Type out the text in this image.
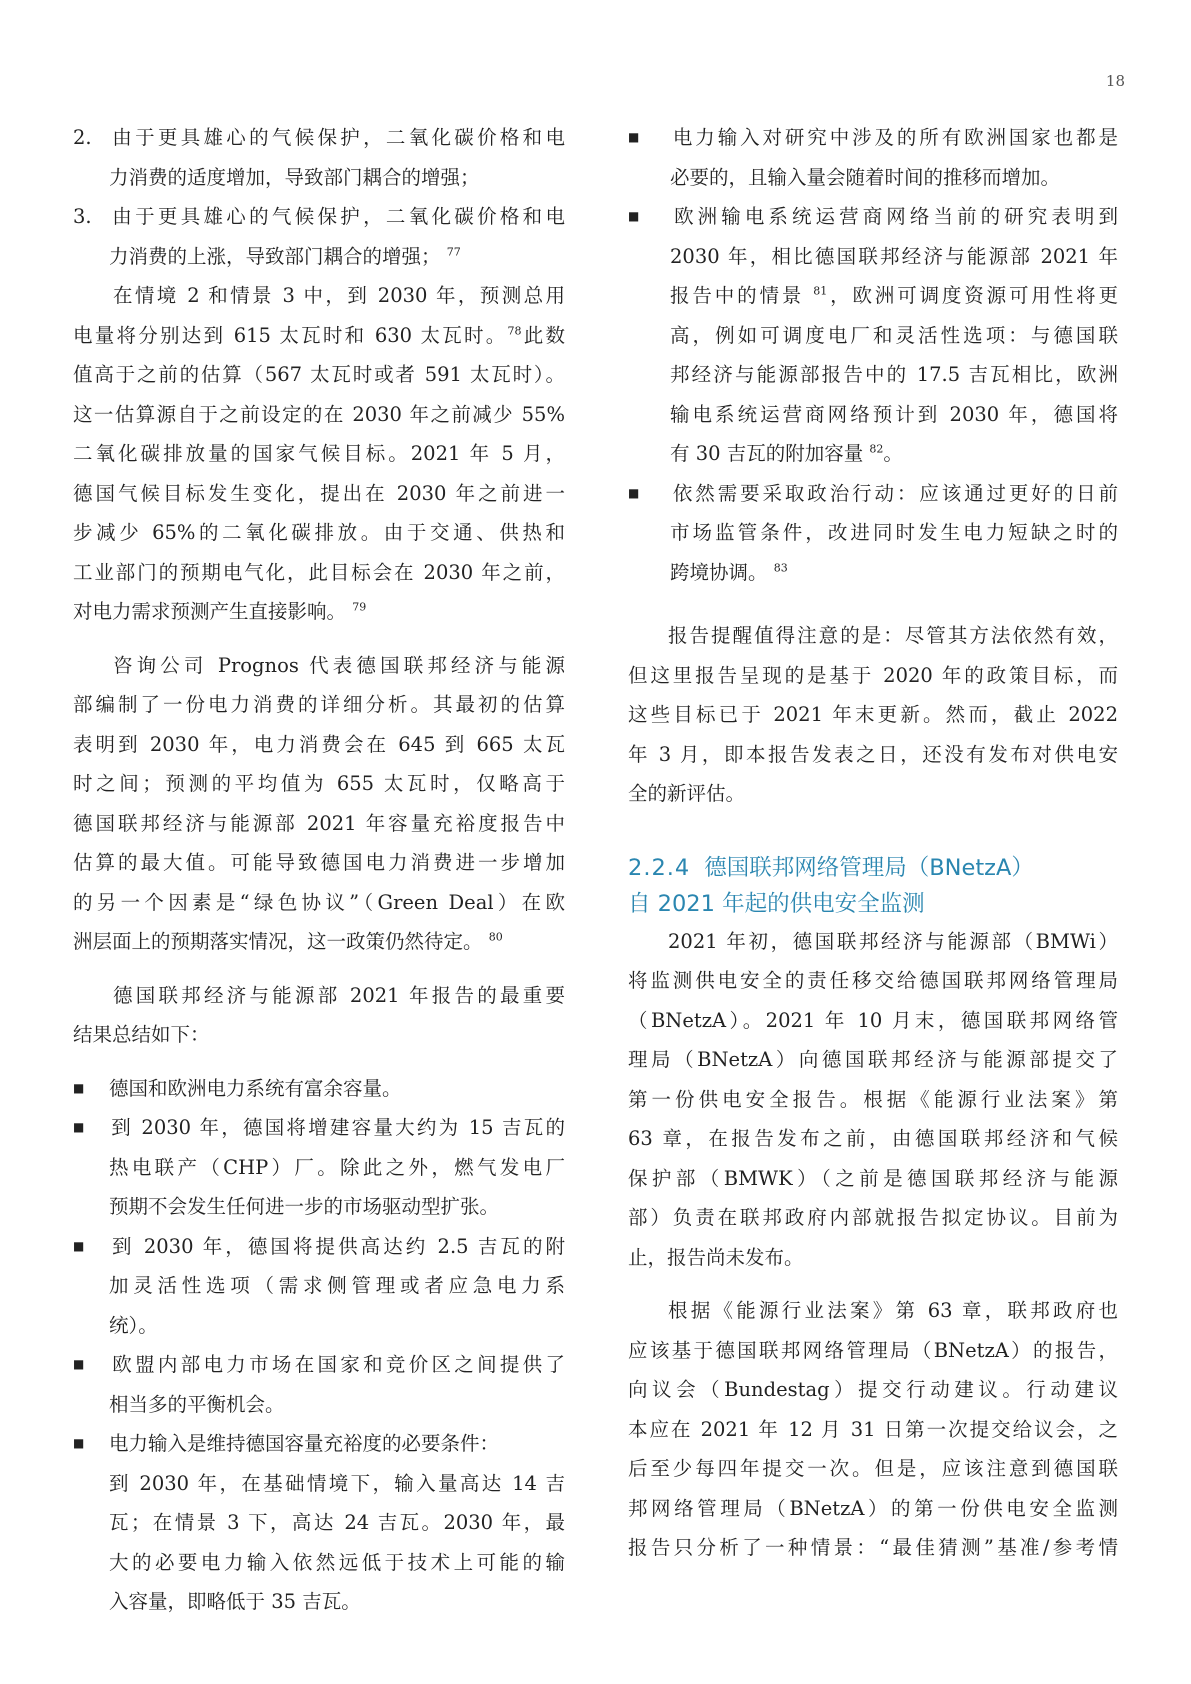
18
2. 由于更具雄心的气候保护，二氧化碳价格和电
力消费的适度增加，导致部门耦合的增强；
3. 由于更具雄心的气候保护，二氧化碳价格和电
力消费的上涨，导致部门耦合的增强； $^{77}$
在情境 2 和情景 3 中，到 2030 年，预测总用
电量将分别达到 615 太瓦时和 630 太瓦时。$^{78}$此数
值高于之前的估算（567 太瓦时或者 591 太瓦时）。
这一估算源自于之前设定的在 2030 年之前减少 55%
二氧化碳排放量的国家气候目标。2021 年 5 月，
德国气候目标发生变化，提出在 2030 年之前进一
步减少 65%的二氧化碳排放。由于交通、供热和
工业部门的预期电气化，此目标会在 2030 年之前，
对电力需求预测产生直接影响。 $^{79}$
咨询公司 Prognos 代表德国联邦经济与能源
部编制了一份电力消费的详细分析。其最初的估算
表明到 2030 年，电力消费会在 645 到 665 太瓦
时之间；预测的平均值为 655 太瓦时，仅略高于
德国联邦经济与能源部 2021 年容量充裕度报告中
估算的最大值。可能导致德国电力消费进一步增加
的另一个因素是“绿色协议”（Green Deal）在欧
洲层面上的预期落实情况，这一政策仍然待定。 $^{80}$
德国联邦经济与能源部 2021 年报告的最重要
结果总结如下：
■ 德国和欧洲电力系统有富余容量。
■ 到 2030 年，德国将增建容量大约为 15 吉瓦的
热电联产（CHP）厂。除此之外，燃气发电厂
预期不会发生任何进一步的市场驱动型扩张。
■ 到 2030 年，德国将提供高达约 2.5 吉瓦的附
加灵活性选项（需求侧管理或者应急电力系
统）。
■ 欧盟内部电力市场在国家和竞价区之间提供了
相当多的平衡机会。
■ 电力输入是维持德国容量充裕度的必要条件：
到 2030 年，在基础情境下，输入量高达 14 吉
瓦；在情景 3 下，高达 24 吉瓦。2030 年，最
大的必要电力输入依然远低于技术上可能的输
入容量，即略低于 35 吉瓦。
■ 电力输入对研究中涉及的所有欧洲国家也都是
必要的，且输入量会随着时间的推移而增加。
■ 欧洲输电系统运营商网络当前的研究表明到
2030 年，相比德国联邦经济与能源部 2021 年
报告中的情景 $^{81}$，欧洲可调度资源可用性将更
高，例如可调度电厂和灵活性选项：与德国联
邦经济与能源部报告中的 17.5 吉瓦相比，欧洲
输电系统运营商网络预计到 2030 年，德国将
有 30 吉瓦的附加容量 $^{82}$。
■ 依然需要采取政治行动：应该通过更好的日前
市场监管条件，改进同时发生电力短缺之时的
跨境协调。 $^{83}$
报告提醒值得注意的是：尽管其方法依然有效，
但这里报告呈现的是基于 2020 年的政策目标，而
这些目标已于 2021 年末更新。然而，截止 2022
年 3 月，即本报告发表之日，还没有发布对供电安
全的新评估。
2.2.4 德国联邦网络管理局（BNetzA）
自 2021 年起的供电安全监测
2021 年初，德国联邦经济与能源部（BMWi）
将监测供电安全的责任移交给德国联邦网络管理局
（BNetzA）。2021 年 10 月末，德国联邦网络管
理局（BNetzA）向德国联邦经济与能源部提交了
第一份供电安全报告。根据《能源行业法案》第
63 章，在报告发布之前，由德国联邦经济和气候
保护部（BMWK）（之前是德国联邦经济与能源
部）负责在联邦政府内部就报告拟定协议。目前为
止，报告尚未发布。
根据《能源行业法案》第 63 章，联邦政府也
应该基于德国联邦网络管理局（BNetzA）的报告，
向议会（Bundestag）提交行动建议。行动建议
本应在 2021 年 12 月 31 日第一次提交给议会，之
后至少每四年提交一次。但是，应该注意到德国联
邦网络管理局（BNetzA）的第一份供电安全监测
报告只分析了一种情景：“最佳猜测”基准/参考情
